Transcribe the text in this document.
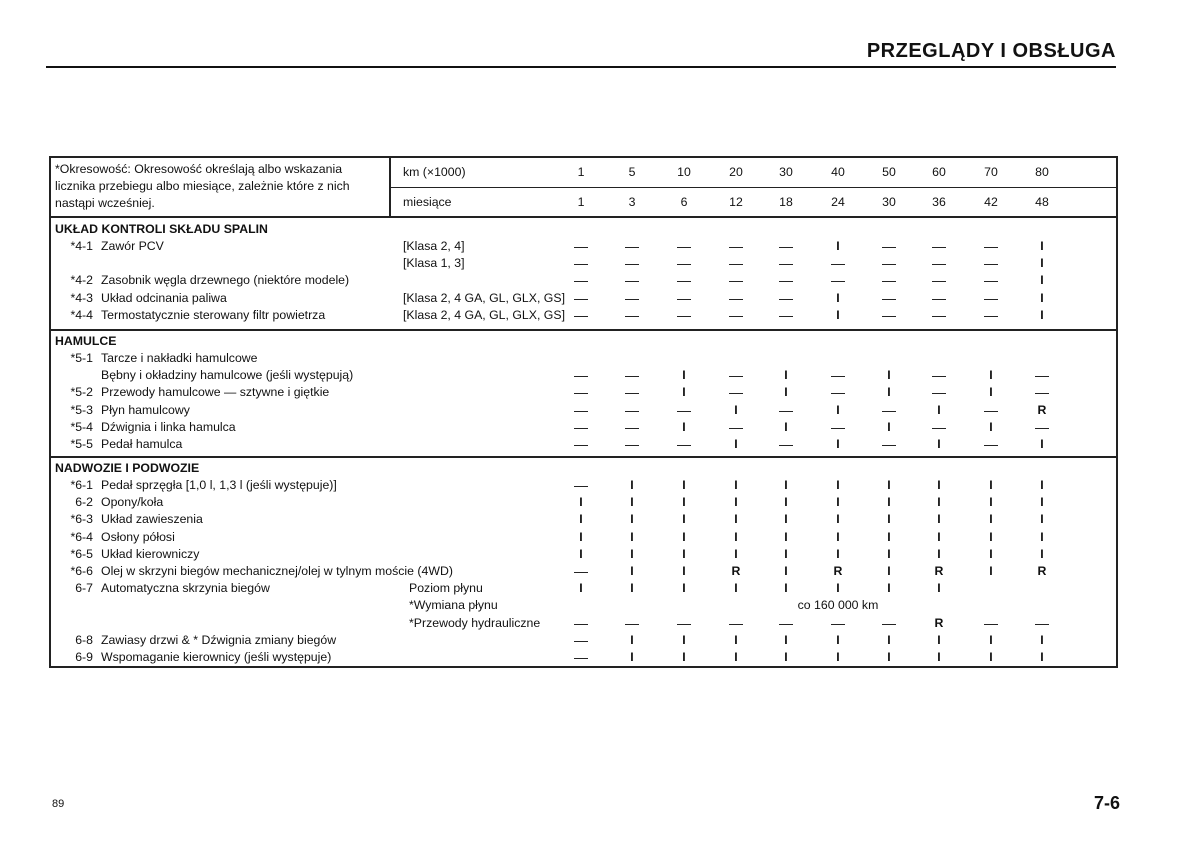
PRZEGLĄDY I OBSŁUGA
*Okresowość: Okresowość określają albo wskazania licznika przebiegu albo miesiące, zależnie które z nich nastąpi wcześniej.
km (×1000)
miesiące
1	5	10	20	30	40	50	60	70	80
1	3	6	12	18	24	30	36	42	48
UKŁAD KONTROLI SKŁADU SPALIN
*4-1 Zawór PCV	[Klasa 2, 4]	—	—	—	—	—	I	—	—	—	I
[Klasa 1, 3]	—	—	—	—	—	—	—	—	—	I
*4-2 Zasobnik węgla drzewnego (niektóre modele)	—	—	—	—	—	—	—	—	—	I
*4-3 Układ odcinania paliwa	[Klasa 2, 4 GA, GL, GLX, GS] —	—	—	—	—	I	—	—	—	I
*4-4 Termostatycznie sterowany filtr powietrza	[Klasa 2, 4 GA, GL, GLX, GS] —	—	—	—	—	I	—	—	—	I
HAMULCE
*5-1 Tarcze i nakładki hamulcowe
Bębny i okładziny hamulcowe (jeśli występują)	—	—	I	—	I	—	I	—	I	—
*5-2 Przewody hamulcowe — sztywne i giętkie	—	—	I	—	I	—	I	—	I	—
*5-3 Płyn hamulcowy	—	—	—	I	—	I	—	I	—	R
*5-4 Dźwignia i linka hamulca	—	—	I	—	I	—	I	—	I	—
*5-5 Pedał hamulca	—	—	—	I	—	I	—	I	—	I
NADWOZIE I PODWOZIE
*6-1 Pedał sprzęgła [1,0 l, 1,3 l (jeśli występuje)]	—	I	I	I	I	I	I	I	I	I
6-2 Opony/koła	I	I	I	I	I	I	I	I	I	I
*6-3 Układ zawieszenia	I	I	I	I	I	I	I	I	I	I
*6-4 Osłony półosi	I	I	I	I	I	I	I	I	I	I
*6-5 Układ kierowniczy	I	I	I	I	I	I	I	I	I	I
*6-6 Olej w skrzyni biegów mechanicznej/olej w tylnym moście (4WD)	—	I	I	R	I	R	I	R	I	R
6-7 Automatyczna skrzynia biegów	Poziom płynu	I	I	I	I	I	I	I	I
*Wymiana płynu	co 160 000 km
*Przewody hydrauliczne	—	—	—	—	—	—	—	R	—	—
6-8 Zawiasy drzwi & * Dźwignia zmiany biegów	—	I	I	I	I	I	I	I	I	I
6-9 Wspomaganie kierownicy (jeśli występuje)	—	I	I	I	I	I	I	I	I	I
89	7-6
